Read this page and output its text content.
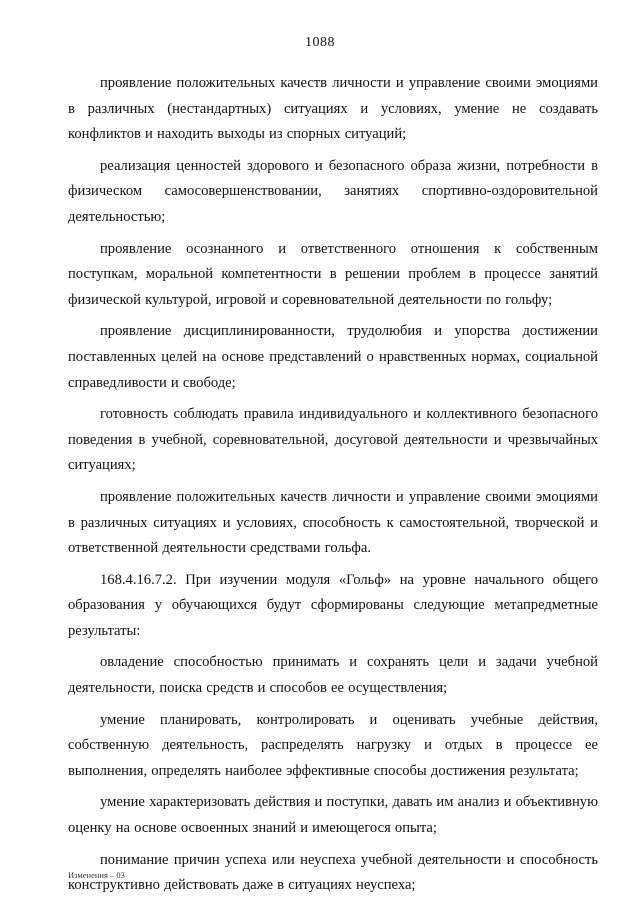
1088

проявление положительных качеств личности и управление своими эмоциями в различных (нестандартных) ситуациях и условиях, умение не создавать конфликтов и находить выходы из спорных ситуаций;

реализация ценностей здорового и безопасного образа жизни, потребности в физическом самосовершенствовании, занятиях спортивно-оздоровительной деятельностью;

проявление осознанного и ответственного отношения к собственным поступкам, моральной компетентности в решении проблем в процессе занятий физической культурой, игровой и соревновательной деятельности по гольфу;

проявление дисциплинированности, трудолюбия и упорства достижении поставленных целей на основе представлений о нравственных нормах, социальной справедливости и свободе;

готовность соблюдать правила индивидуального и коллективного безопасного поведения в учебной, соревновательной, досуговой деятельности и чрезвычайных ситуациях;

проявление положительных качеств личности и управление своими эмоциями в различных ситуациях и условиях, способность к самостоятельной, творческой и ответственной деятельности средствами гольфа.

168.4.16.7.2. При изучении модуля «Гольф» на уровне начального общего образования у обучающихся будут сформированы следующие метапредметные результаты:

овладение способностью принимать и сохранять цели и задачи учебной деятельности, поиска средств и способов ее осуществления;

умение планировать, контролировать и оценивать учебные действия, собственную деятельность, распределять нагрузку и отдых в процессе ее выполнения, определять наиболее эффективные способы достижения результата;

умение характеризовать действия и поступки, давать им анализ и объективную оценку на основе освоенных знаний и имеющегося опыта;

понимание причин успеха или неуспеха учебной деятельности и способность конструктивно действовать даже в ситуациях неуспеха;

Изменения – 03
